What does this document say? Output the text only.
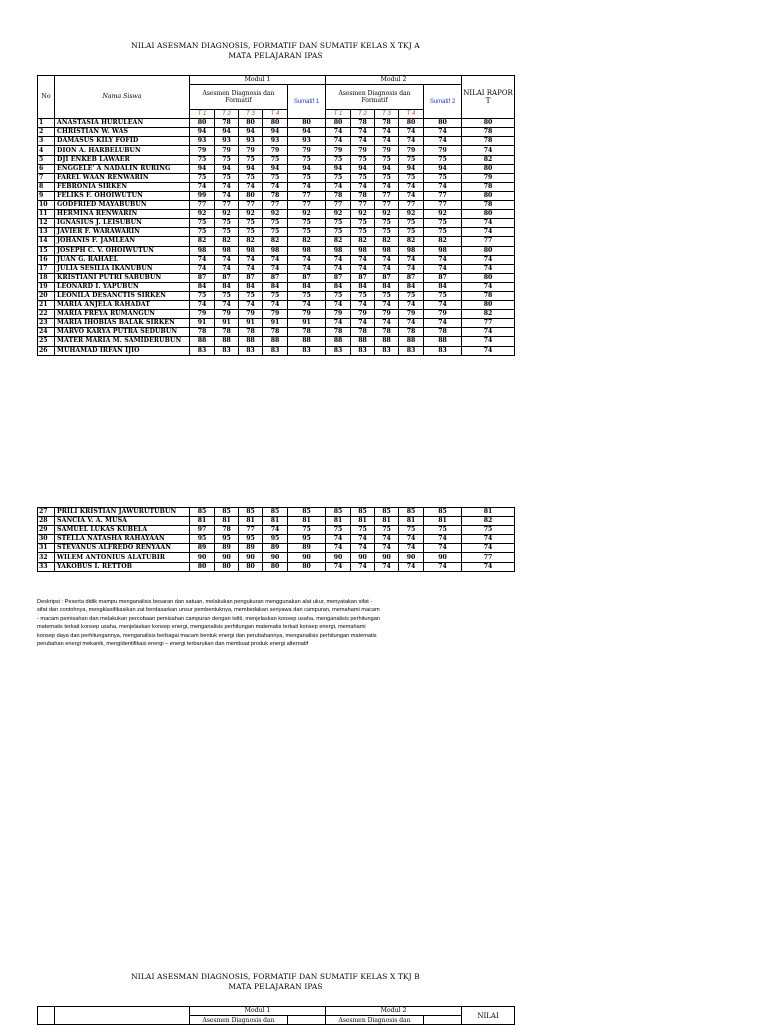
NILAI ASESMAN DIAGNOSIS, FORMATIF DAN SUMATIF KELAS X TKJ A
MATA PELAJARAN IPAS
No	Nama Siswa	Modul 1					Modul 2					NILAI RAPOR T
		Asesmen Diagnosis dan Formatif				Sumatif 1	Asesmen Diagnosis dan Formatif				Sumatif 2	
		T 1	T 2	T 3	T 4		T 1	T 2	T 3	T 4		
1	ANASTASIA HURULEAN	80	78	80	80	80	80	78	78	80	80	80
2	CHRISTIAN W. WAS	94	94	94	94	94	74	74	74	74	74	78
3	DAMASUS KILY FOFID	93	93	93	93	93	74	74	74	74	74	78
4	DION A. HARBELUBUN	79	79	79	79	79	79	79	79	79	79	74
5	DJI ENKEB LAWAER	75	75	75	75	75	75	75	75	75	75	82
6	ENGGELE' A NADALIN RURING	94	94	94	94	94	94	94	94	94	94	80
7	FAREL WAAN RENWARIN	75	75	75	75	75	75	75	75	75	75	79
8	FEBRONIA SIRKEN	74	74	74	74	74	74	74	74	74	74	78
9	FELIKS F. OHOIWUTUN	99	74	80	78	77	78	78	77	74	77	80
10	GODFRIED MAYABUBUN	77	77	77	77	77	77	77	77	77	77	78
11	HERMINA RENWARIN	92	92	92	92	92	92	92	92	92	92	80
12	IGNASIUS J. LEISUBUN	75	75	75	75	75	75	75	75	75	75	74
13	JAVIER F. WARAWARIN	75	75	75	75	75	75	75	75	75	75	74
14	JOHANIS F. JAMLEAN	82	82	82	82	82	82	82	82	82	82	77
15	JOSEPH C. V. OHOIWUTUN	98	98	98	98	98	98	98	98	98	98	80
16	JUAN G. RAHAEL	74	74	74	74	74	74	74	74	74	74	74
17	JULIA SESILIA IKANUBUN	74	74	74	74	74	74	74	74	74	74	74
18	KRISTIANI PUTRI SABUBUN	87	87	87	87	87	87	87	87	87	87	80
19	LEONARD I. YAPUBUN	84	84	84	84	84	84	84	84	84	84	74
20	LEONILA DESANCTIS SIRKEN	75	75	75	75	75	75	75	75	75	75	78
21	MARIA ANJELA RAHADAT	74	74	74	74	74	74	74	74	74	74	80
22	MARIA FREYA RUMANGUN	79	79	79	79	79	79	79	79	79	79	82
23	MARIA IHOBIAS BALAK SIRKEN	91	91	91	91	91	74	74	74	74	74	77
24	MARVO KARYA PUTRA SEDUBUN	78	78	78	78	78	78	78	78	78	78	74
25	MATER MARIA M. SAMIDERUBUN	88	88	88	88	88	88	88	88	88	88	74
26	MUHAMAD IRFAN IJIO	83	83	83	83	83	83	83	83	83	83	74
27	PRILI KRISTIAN JAWURUTUBUN	85	85	85	85	85	85	85	85	85	85	81
28	SANCIA V. A. MUSA	81	81	81	81	81	81	81	81	81	81	82
29	SAMUEL LUKAS KUBELA	97	78	77	74	75	75	75	75	75	75	75
30	STELLA NATASHA RAHAYAAN	95	95	95	95	95	74	74	74	74	74	74
31	STEVANUS ALFREDO RENYAAN	89	89	89	89	89	74	74	74	74	74	74
32	WILEM ANTONIUS ALATUBIR	90	90	90	90	90	90	90	90	90	90	77
33	YAKOBUS I. RETTOB	80	80	80	80	80	74	74	74	74	74	74
Deskripsi : Peserta didik mampu menganalisis besaran dan satuan, melakukan pengukuran menggunakan alat ukur, menyatakan sifat -
sifat dan contohnya, mengklasifikasikan zat berdasarkan unsur pembentuknya, membedakan senyawa dan campuran, memahami macam
- macam pemisahan dan melakukan percobaan pemisahan campuran dengan teliti, menjelaskan konsep usaha, menganalisis perhitungan
matematis terkait konsep usaha, menjelaskan konsep energi, menganalisis perhitungan matematis terkait konsep energi, memahami
konsep daya dan perhitungannya, menganalisis berbagai macam bentuk energi dan perubahannya, menganalisis perhitungan matematis
perubahan energi mekanik, mengidentifikasi energi – energi terbarukan dan membuat produk energi alternatif
NILAI ASESMAN DIAGNOSIS, FORMATIF DAN SUMATIF KELAS X TKJ B
MATA PELAJARAN IPAS
		Modul 1		Modul 2		NILAI
		Asesmen Diagnosis dan		Asesmen Diagnosis dan		
